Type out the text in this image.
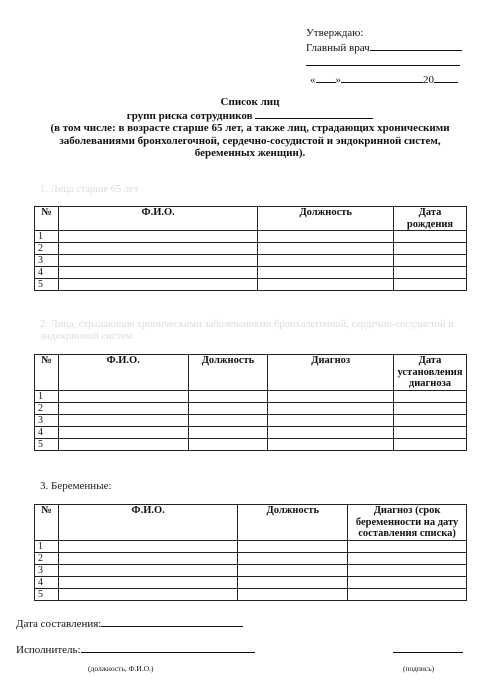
Утверждаю:
Главный врач
« »	20
Список лиц
групп риска сотрудников
(в том числе: в возрасте старше 65 лет, а также лиц, страдающих хроническими
заболеваниями бронхолегочной, сердечно-сосудистой и эндокринной систем,
беременных женщин).
1. Лица старше 65 лет
№	Ф.И.О.	Должность	Дата рождения
1			
2			
3			
4			
5			
2. Лица, страдающие хроническими заболеваниями бронхолегочной, сердечно-сосудистой и
эндокринной систем
№	Ф.И.О.	Должность	Диагноз	Дата установления диагноза
1				
2				
3				
4				
5				
3. Беременные:
№	Ф.И.О.	Должность	Диагноз (срок беременности на дату составления списка)
1			
2			
3			
4			
5			
Дата составления:
Исполнитель:
(должность, Ф.И.О.)	(подпись)
